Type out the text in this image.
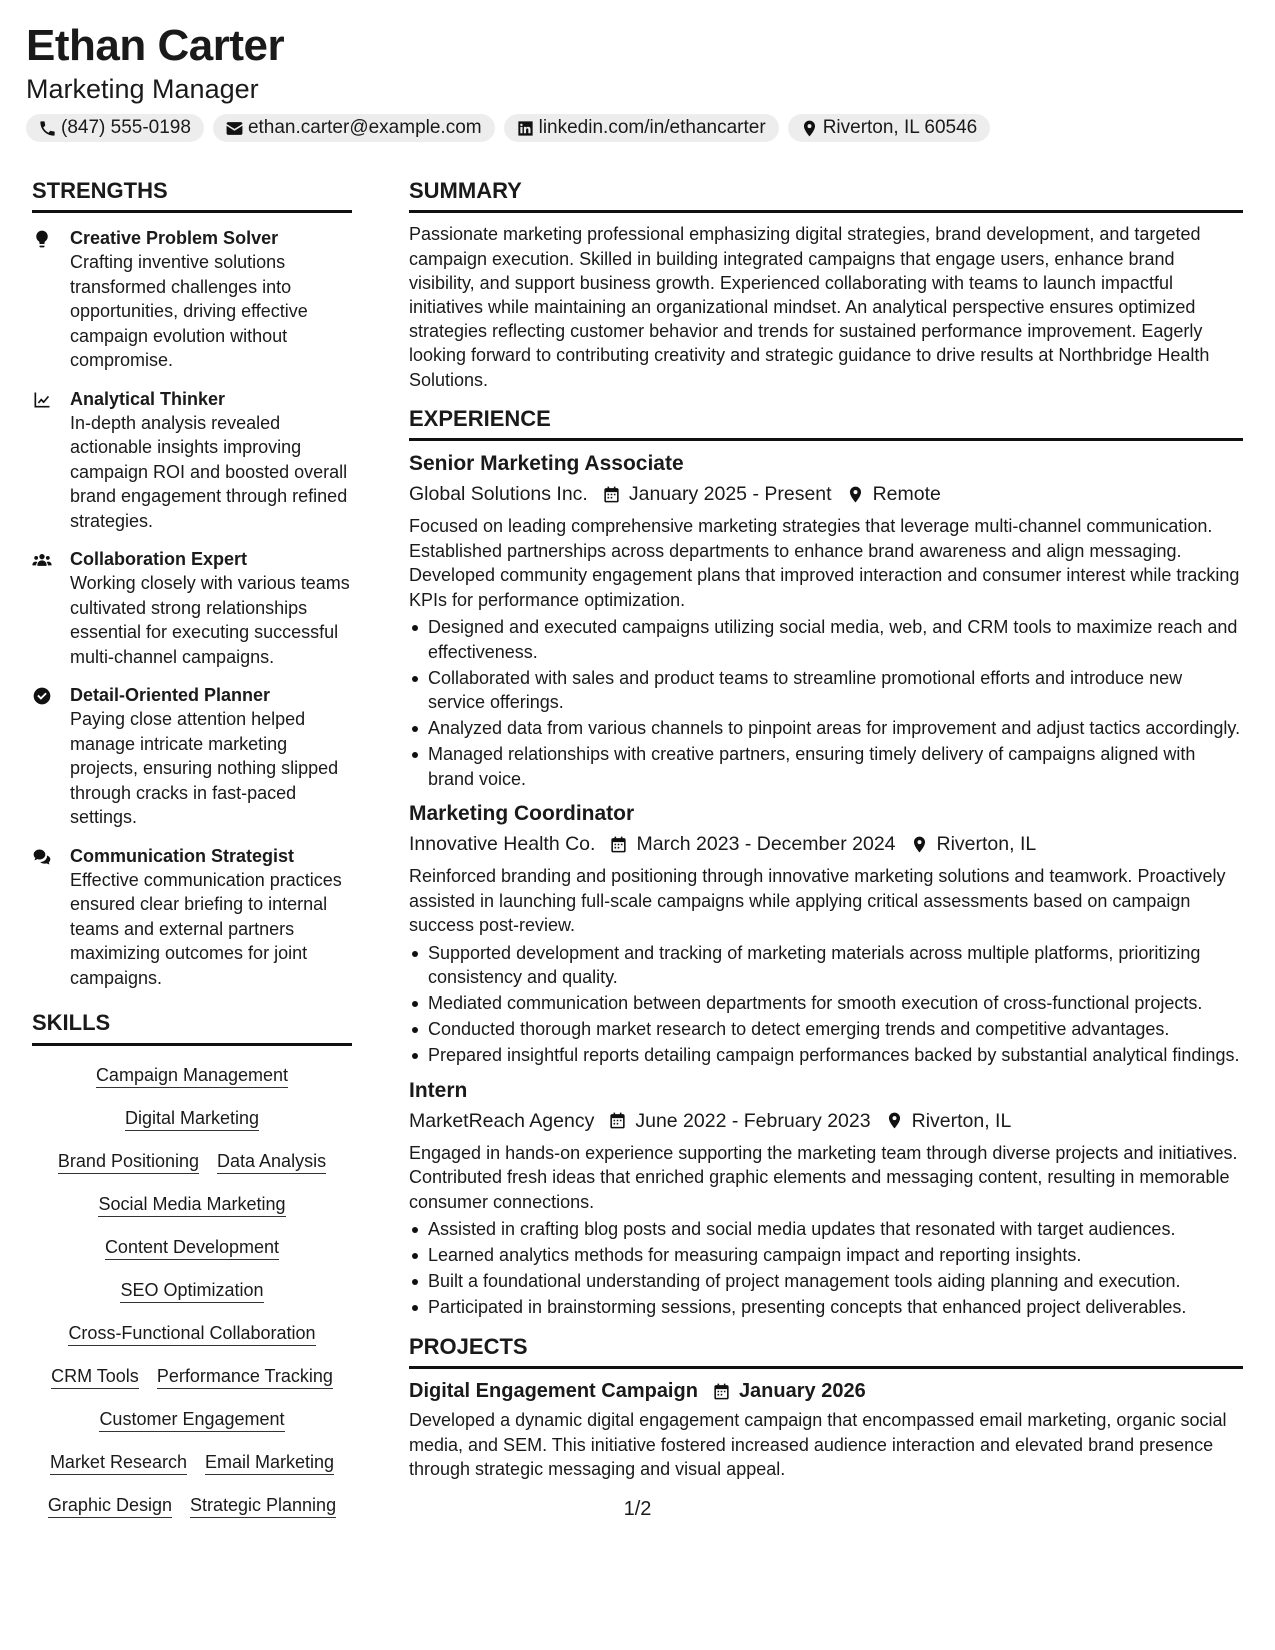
Ethan Carter
Marketing Manager
(847) 555-0198	ethan.carter@example.com	linkedin.com/in/ethancarter	Riverton, IL 60546
STRENGTHS
Creative Problem Solver
Crafting inventive solutions transformed challenges into opportunities, driving effective campaign evolution without compromise.
Analytical Thinker
In-depth analysis revealed actionable insights improving campaign ROI and boosted overall brand engagement through refined strategies.
Collaboration Expert
Working closely with various teams cultivated strong relationships essential for executing successful multi-channel campaigns.
Detail-Oriented Planner
Paying close attention helped manage intricate marketing projects, ensuring nothing slipped through cracks in fast-paced settings.
Communication Strategist
Effective communication practices ensured clear briefing to internal teams and external partners maximizing outcomes for joint campaigns.
SKILLS
Campaign Management
Digital Marketing
Brand Positioning Data Analysis
Social Media Marketing
Content Development
SEO Optimization
Cross-Functional Collaboration
CRM Tools Performance Tracking
Customer Engagement
Market Research Email Marketing
Graphic Design Strategic Planning
SUMMARY
Passionate marketing professional emphasizing digital strategies, brand development, and targeted campaign execution. Skilled in building integrated campaigns that engage users, enhance brand visibility, and support business growth. Experienced collaborating with teams to launch impactful initiatives while maintaining an organizational mindset. An analytical perspective ensures optimized strategies reflecting customer behavior and trends for sustained performance improvement. Eagerly looking forward to contributing creativity and strategic guidance to drive results at Northbridge Health Solutions.
EXPERIENCE
Senior Marketing Associate
Global Solutions Inc. January 2025 - Present Remote
Focused on leading comprehensive marketing strategies that leverage multi-channel communication. Established partnerships across departments to enhance brand awareness and align messaging. Developed community engagement plans that improved interaction and consumer interest while tracking KPIs for performance optimization.
Designed and executed campaigns utilizing social media, web, and CRM tools to maximize reach and effectiveness.
Collaborated with sales and product teams to streamline promotional efforts and introduce new service offerings.
Analyzed data from various channels to pinpoint areas for improvement and adjust tactics accordingly.
Managed relationships with creative partners, ensuring timely delivery of campaigns aligned with brand voice.
Marketing Coordinator
Innovative Health Co. March 2023 - December 2024 Riverton, IL
Reinforced branding and positioning through innovative marketing solutions and teamwork. Proactively assisted in launching full-scale campaigns while applying critical assessments based on campaign success post-review.
Supported development and tracking of marketing materials across multiple platforms, prioritizing consistency and quality.
Mediated communication between departments for smooth execution of cross-functional projects.
Conducted thorough market research to detect emerging trends and competitive advantages.
Prepared insightful reports detailing campaign performances backed by substantial analytical findings.
Intern
MarketReach Agency June 2022 - February 2023 Riverton, IL
Engaged in hands-on experience supporting the marketing team through diverse projects and initiatives. Contributed fresh ideas that enriched graphic elements and messaging content, resulting in memorable consumer connections.
Assisted in crafting blog posts and social media updates that resonated with target audiences.
Learned analytics methods for measuring campaign impact and reporting insights.
Built a foundational understanding of project management tools aiding planning and execution.
Participated in brainstorming sessions, presenting concepts that enhanced project deliverables.
PROJECTS
Digital Engagement Campaign January 2026
Developed a dynamic digital engagement campaign that encompassed email marketing, organic social media, and SEM. This initiative fostered increased audience interaction and elevated brand presence through strategic messaging and visual appeal.
1/2
